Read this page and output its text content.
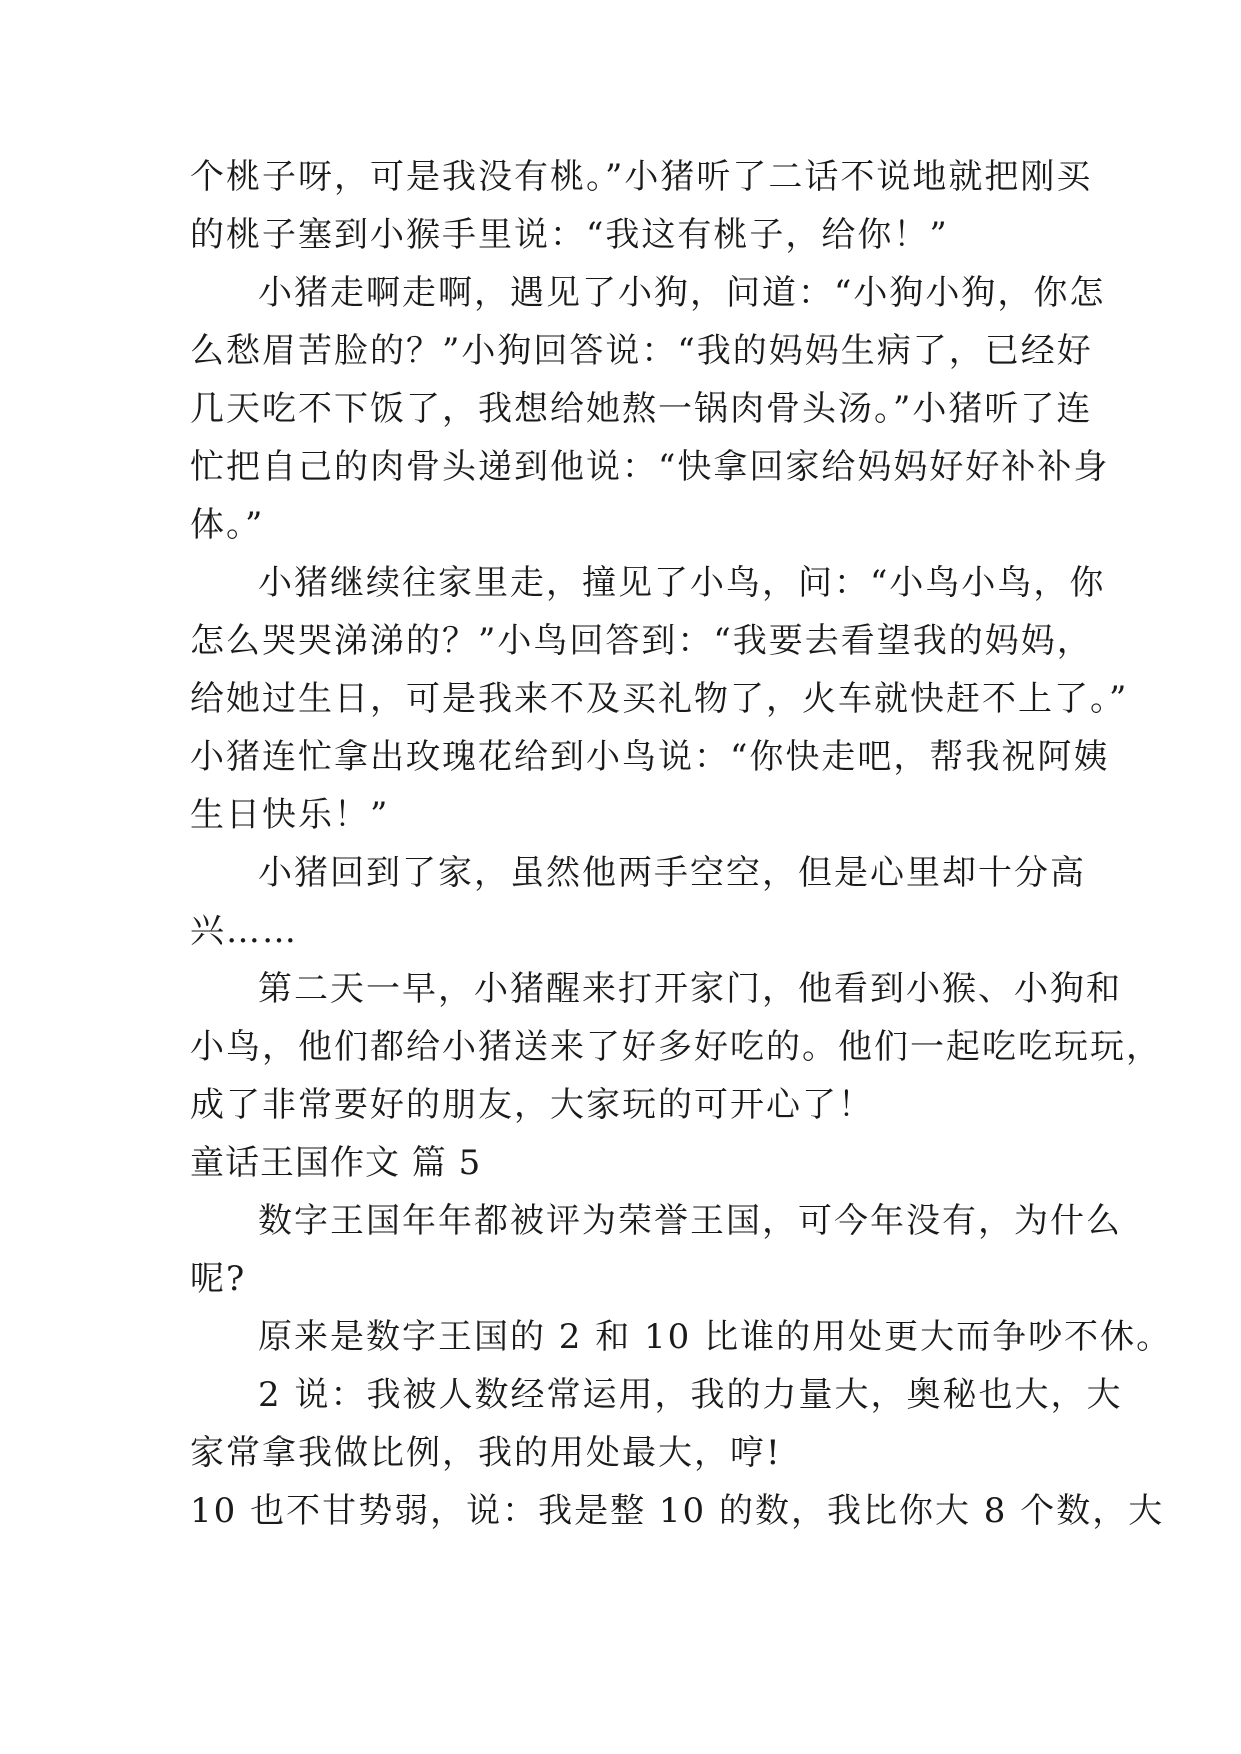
个桃子呀，可是我没有桃。”小猪听了二话不说地就把刚买
的桃子塞到小猴手里说：“我这有桃子，给你！”
小猪走啊走啊，遇见了小狗，问道：“小狗小狗，你怎
么愁眉苦脸的？”小狗回答说：“我的妈妈生病了，已经好
几天吃不下饭了，我想给她熬一锅肉骨头汤。”小猪听了连
忙把自己的肉骨头递到他说：“快拿回家给妈妈好好补补身
体。”
小猪继续往家里走，撞见了小鸟，问：“小鸟小鸟，你
怎么哭哭涕涕的？”小鸟回答到：“我要去看望我的妈妈，
给她过生日，可是我来不及买礼物了，火车就快赶不上了。”
小猪连忙拿出玫瑰花给到小鸟说：“你快走吧，帮我祝阿姨
生日快乐！”
小猪回到了家，虽然他两手空空，但是心里却十分高
兴……
第二天一早，小猪醒来打开家门，他看到小猴、小狗和
小鸟，他们都给小猪送来了好多好吃的。他们一起吃吃玩玩，
成了非常要好的朋友，大家玩的可开心了！
童话王国作文 篇 5
数字王国年年都被评为荣誉王国，可今年没有，为什么
呢?
原来是数字王国的 2 和 10 比谁的用处更大而争吵不休。
2 说：我被人数经常运用，我的力量大，奥秘也大，大
家常拿我做比例，我的用处最大，哼!
10 也不甘势弱，说：我是整 10 的数，我比你大 8 个数，大
